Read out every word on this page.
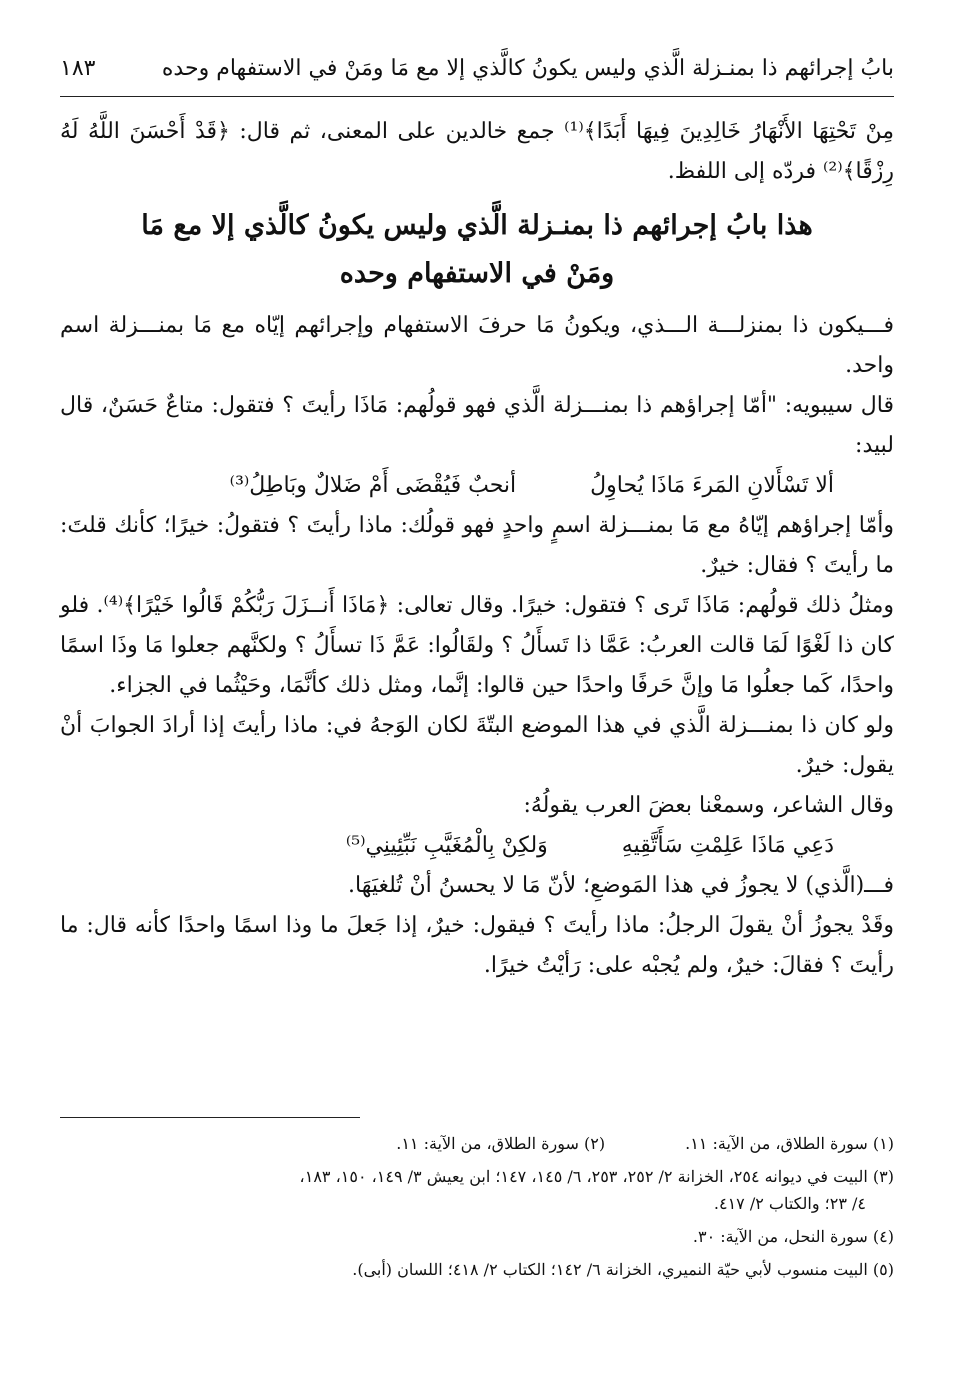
بابُ إجرائهم ذا بمنـزلة الَّذي وليس يكونُ كالَّذي إلا مع مَا ومَنْ في الاستفهام وحده
١٨٣

مِنْ تَحْتِهَا الأَنْهَارُ خَالِدِينَ فِيهَا أَبَدًا﴾⁽¹⁾ جمع خالدين على المعنى، ثم قال: ﴿قَدْ أَحْسَنَ اللَّهُ لَهُ رِزْقًا﴾⁽²⁾ فردّه إلى اللفظ.

هذا بابُ إجرائهم ذا بمنـزلة الَّذي وليس يكونُ كالَّذي إلا مع مَا
ومَنْ في الاستفهام وحده

فـــيكون ذا بمنزلـــة الـــذي، ويكونُ مَا حرفَ الاستفهام وإجرائهم إيّاه مع مَا بمنـــزلة اسم واحد.

قال سيبويه: "أمّا إجراؤهم ذا بمنـــزلة الَّذي فهو قولُهم: مَاذَا رأيتَ ؟ فتقول: متاعٌ حَسَنٌ، قال لبيد:

ألا تَسْأَلانِ المَرءَ مَاذَا يُحاوِلُ  أنحبٌ فَيُقْضَى أَمْ ضَلالٌ وبَاطِلُ⁽³⁾

وأمّا إجراؤهم إيّاهُ مع مَا بمنـــزلة اسمٍ واحدٍ فهو قولُك: ماذا رأيتَ ؟ فتقولُ: خيرًا؛ كأنك قلتَ: ما رأيتَ ؟ فقال: خيرٌ.

ومثلُ ذلك قولُهم: مَاذَا تَرى ؟ فتقول: خيرًا. وقال تعالى: ﴿مَاذَا أَنــزَلَ رَبُّكُمْ قَالُوا خَيْرًا﴾⁽⁴⁾. فلو كان ذا لَغْوًا لَمَا قالت العربُ: عَمَّا ذا تَسأَلُ ؟ ولقَالُوا: عَمَّ ذَا تسأَلُ ؟ ولكنَّهم جعلوا مَا وذَا اسمًا واحدًا، كَما جعلُوا مَا وإنَّ حَرفًا واحدًا حين قالوا: إنَّما، ومثل ذلك كأنَّمَا، وحَيْثُما في الجزاء.

ولو كان ذا بمنـــزلة الَّذي في هذا الموضع البتّةَ لكان الوَجهُ في: ماذا رأيتَ إذا أرادَ الجوابَ أنْ يقول: خيرٌ.

وقال الشاعر، وسمعْنا بعضَ العرب يقولُهُ:

دَعِي مَاذَا عَلِمْتِ سَأَتَّقِيهِ  وَلكِنْ بِالْمُغَيَّبِ نَبِّئِينِي⁽⁵⁾

فـــ(الَّذي) لا يجوزُ في هذا المَوضعِ؛ لأنّ مَا لا يحسنُ أنْ تُلغيَهَا.

وقَدْ يجوزُ أنْ يقولَ الرجلُ: ماذا رأيتَ ؟ فيقول: خيرٌ، إذا جَعلَ ما وذا اسمًا واحدًا كأنه قال: ما رأيتَ ؟ فقالَ: خيرٌ، ولم يُجبْه على: رَأيْتُ خيرًا.

(١) سورة الطلاق، من الآية: ١١.
(٢) سورة الطلاق، من الآية: ١١.

(٣) البيت في ديوانه ٢٥٤، الخزانة ٢/ ٢٥٢، ٢٥٣، ٦/ ١٤٥، ١٤٧؛ ابن يعيش ٣/ ١٤٩، ١٥٠، ١٨٣،
٤/ ٢٣؛ والكتاب ٢/ ٤١٧.

(٤) سورة النحل، من الآية: ٣٠.

(٥) البيت منسوب لأبي حيّة النميري، الخزانة ٦/ ١٤٢؛ الكتاب ٢/ ٤١٨؛ اللسان (أبى).
